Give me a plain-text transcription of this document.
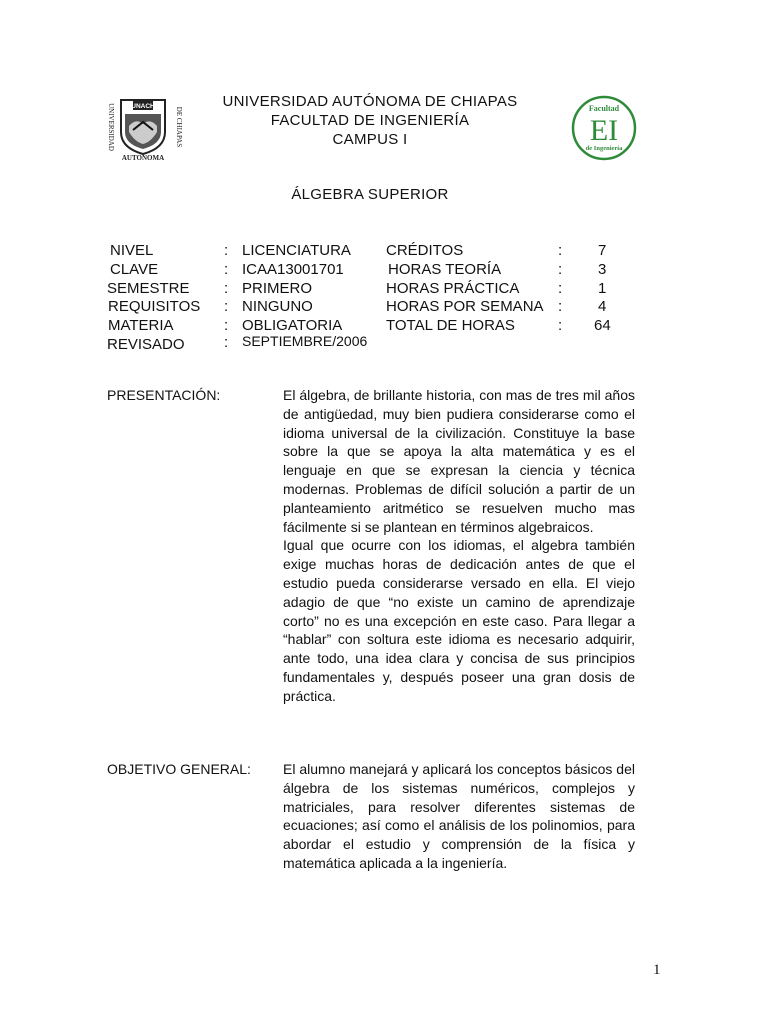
UNIVERSIDAD	DE CHIAPAS
UNACH
AUTONOMA
UNIVERSIDAD AUTÓNOMA DE CHIAPAS
FACULTAD DE INGENIERÍA
CAMPUS I
Facultad
EI
de Ingeniería
ÁLGEBRA SUPERIOR
NIVEL	: LICENCIATURA CRÉDITOS	: 7
CLAVE	: ICAA13001701	HORAS TEORÍA	: 3
SEMESTRE : PRIMERO	HORAS PRÁCTICA	: 1
REQUISITOS : NINGUNO	HORAS POR SEMANA : 4
MATERIA	: OBLIGATORIA	TOTAL DE HORAS	: 64
REVISADO	: SEPTIEMBRE/2006
PRESENTACIÓN:	El álgebra, de brillante historia, con mas de tres mil años de antigüedad, muy bien pudiera considerarse como el idioma universal de la civilización. Constituye la base sobre la que se apoya la alta matemática y es el lenguaje en que se expresan la ciencia y técnica modernas. Problemas de difícil solución a partir de un planteamiento aritmético se resuelven mucho mas fácilmente si se plantean en términos algebraicos.

Igual que ocurre con los idiomas, el algebra también exige muchas horas de dedicación antes de que el estudio pueda considerarse versado en ella. El viejo adagio de que “no existe un camino de aprendizaje corto” no es una excepción en este caso. Para llegar a “hablar” con soltura este idioma es necesario adquirir, ante todo, una idea clara y concisa de sus principios fundamentales y, después poseer una gran dosis de práctica.

OBJETIVO GENERAL: El alumno manejará y aplicará los conceptos básicos del álgebra de los sistemas numéricos, complejos y matriciales, para resolver diferentes sistemas de ecuaciones; así como el análisis de los polinomios, para abordar el estudio y comprensión de la física y matemática aplicada a la ingeniería.

1
